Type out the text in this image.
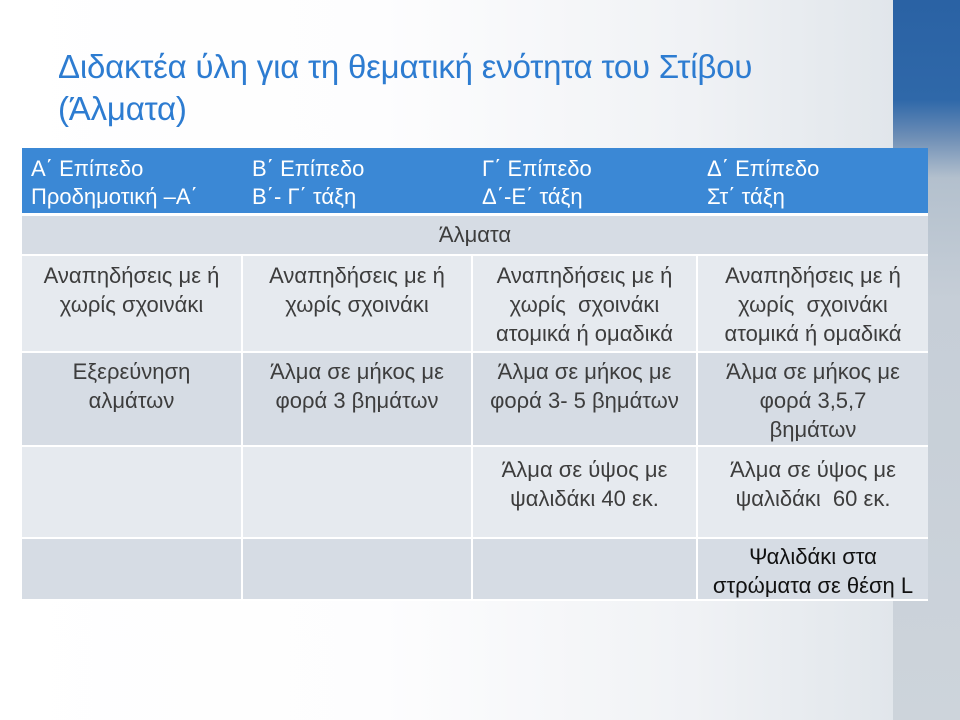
Διδακτέα ύλη για τη θεματική ενότητα του Στίβου
(Άλματα)
Α΄ Επίπεδο
Προδημοτική –Α΄
Β΄ Επίπεδο
Β΄- Γ΄ τάξη
Γ΄ Επίπεδο
Δ΄-Ε΄ τάξη
Δ΄ Επίπεδο
Στ΄ τάξη
Άλματα
Αναπηδήσεις με ή
χωρίς σχοινάκι
Αναπηδήσεις με ή
χωρίς σχοινάκι
Αναπηδήσεις με ή
χωρίς  σχοινάκι
ατομικά ή ομαδικά
Αναπηδήσεις με ή
χωρίς  σχοινάκι
ατομικά ή ομαδικά
Εξερεύνηση
αλμάτων
Άλμα σε μήκος με
φορά 3 βημάτων
Άλμα σε μήκος με
φορά 3- 5 βημάτων
Άλμα σε μήκος με
φορά 3,5,7
βημάτων
Άλμα σε ύψος με
ψαλιδάκι 40 εκ.
Άλμα σε ύψος με
ψαλιδάκι  60 εκ.
Ψαλιδάκι στα
στρώματα σε θέση L
